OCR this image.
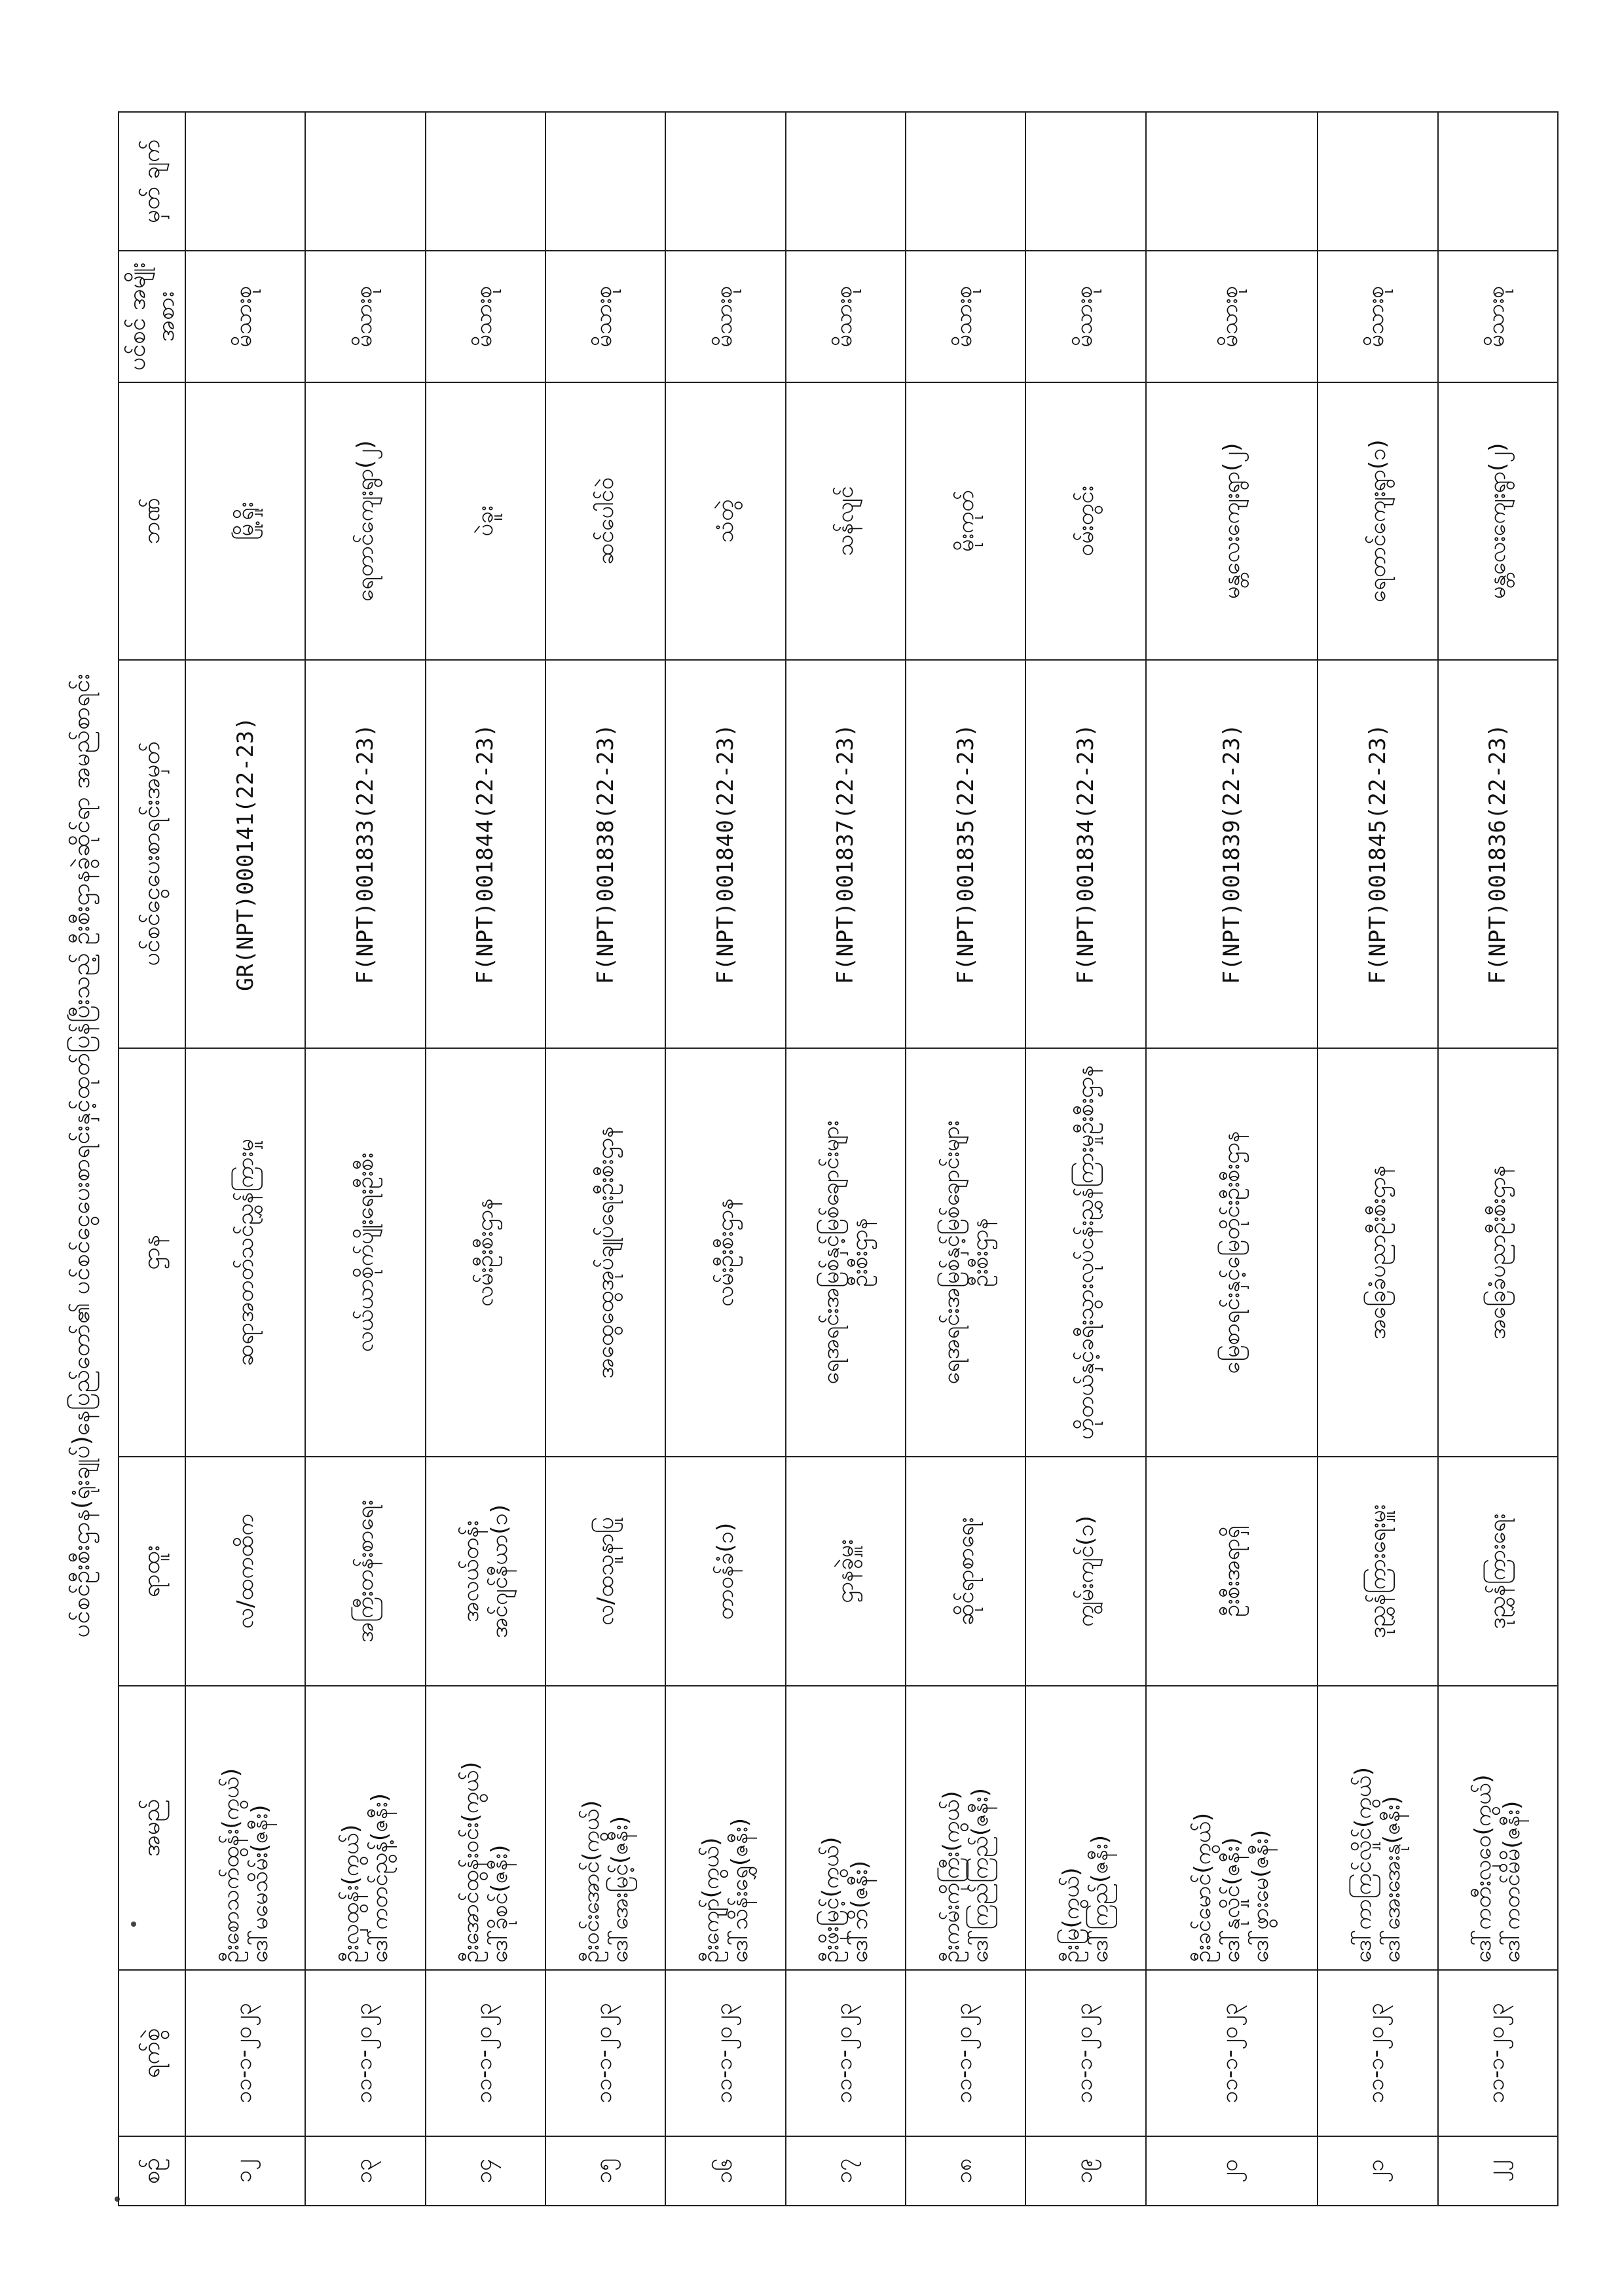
ပင်စင်ဦးစီးဌာန(ရုံးချုပ်)နေပြည်တော်၏ ပင်စင်ငွေပေးစာရင်းနှင့်ထုတ်ပြန်ပြီးသည့် ဦးစီးဌာနခွဲဆိုင်ရာ အမည်စာရင်း
စဥ်	ရက်စွဲ	အမည်	ရာထူး	ဌာန	ပင်စင်ငွေပေးစာရင်းအမှတ်	ဘဏ်	ပင်စင် အမျိုးအစား	မှတ် ချက်
၁၂	၁၁-၁-၂၀၂၃	ဦးစောသက်ထွန်း(ကွယ်) ဒေါ်မမေသိမ်း(ဇနီး)	လ/ထကထိက	ဆရာအတတ်သင်ညွှန်ကြားမှု	GR(NPT)000141(22-23)	မြို့ရှိုး	မိသားစု	
၁၃	၁၁-၁-၂၀၂၃	ဦးလှထွန်း(ကွယ်) ဒေါ်ကတင်ညွန့်(ဇနီး)	အကြီးတန်းစာရေး	လယ်ယာစိုက်ပျိုးရေးဦးစီး	F(NPT)001833(22-23)	ရေတာင်ကျေးရွာ(၂)	မိသားစု	
၁၄	၁၁-၁-၂၀၂၃	ဦးအောင်ထွန်းဝင်း(ကွယ်) ဒေါ်ခိုစင်(ဇနီး)	အလယ်တန်း အင်ဂျင်နီယာ(၁)	လမ်းဦးစီးဌာန	F(NPT)001844(22-23)	ပဲခူး	မိသားစု	
၁၅	၁၁-၁-၂၀၂၃	ဦးဝင်းအောင်(ကွယ်) ဒေါ်အေးမြင့်(ဇနီး)	လ/ထသူနာပြု	အထွေထွေအုပ်ချုပ်ရေးဦးစီးဌာန	F(NPT)001838(22-23)	ဆင်ပေါင်ဝဲ	မိသားစု	
၁၆	၁၁-၁-၂၀၂၃	ဦးကျော်(ကွယ်) ဒေါ်သိန်းရွှေ(ဇနီး)	တာဝန်ခံ(၁)	လမ်းဦးစီးဌာန	F(NPT)001840(22-23)	သံတွဲ	မိသားစု	
၁၇	၁၁-၁-၂၀၂၃	ဦးဖိုးမြင့်(ကွယ်) ဒေါ်ဘိ(ဇနီး)	ဌာနခွဲမှူး	ရေအရင်းအမြစ်နှင့်မြစ်ချောင်းများ ဦးစီးဌာန	F(NPT)001837(22-23)	သန်လျင်	မိသားစု	
၁၈	၁၁-၁-၂၀၂၃	ဦးကမ်းကိုကြီး(ကွယ်) ဒေါ်ကြည်ကြည်(ဇနီး)	ဆိုင်ရာစာရေး	ရေအရင်းအမြစ်နှင့်မြစ်ချောင်းများ ဦးစီးဌာန	F(NPT)001835(22-23)	မိုးကုတ်	မိသားစု	
၁၉	၁၁-၁-၂၀၂၃	ဦးမြ(ကွယ်) ဒေါ်ကြည်(ဇနီး)	ကျွမ်းကျင်(၁)	ဟိုတယ်နှင့်ခရီးသွားလုပ်ငန်းညွှန်ကြားမှုဦးစီးဌာန	F(NPT)001834(22-23)	ဝမ်းတွင်း	မိသားစု	
၂၀	၁၁-၁-၂၀၂၃	ဦးခင်မောင်(ကွယ်) ဒေါ်နုလှိုင်(ဇနီး) ဒေါ်ဖွားမေ(ဇနီး)	ဦးစီးအရာရှိ	မြေစာရင်းနှင့်မြေတိုင်းဦးစီးဌာန	F(NPT)001839(22-23)	မန္တလေးကျေးရွာ(၂)	မိသားစု	
၂၁	၁၁-၁-၂၀၂၃	ဒေါ်ကာကြင်လှိုင်(ကွယ်) ဒေါ်အေးအေးနု(ဇနီး)	ဒုညွှန်ကြားရေးမှူး	အခြေခံပညာဦးစီးဌာန	F(NPT)001845(22-23)	ရေတာင်ကျေးရွာ(၁)	မိသားစု	
၂၂	၁၁-၁-၂၀၂၃	ဒေါ်ကတီးလှဝေ(ကွယ်) ဒေါ်ကတင်မိမိ(ဇနီး)	ဒုညွှန်ကြားရေး	အခြေခံပညာဦးစီးဌာန	F(NPT)001836(22-23)	မန္တလေးကျေးရွာ(၂)	မိသားစု	
